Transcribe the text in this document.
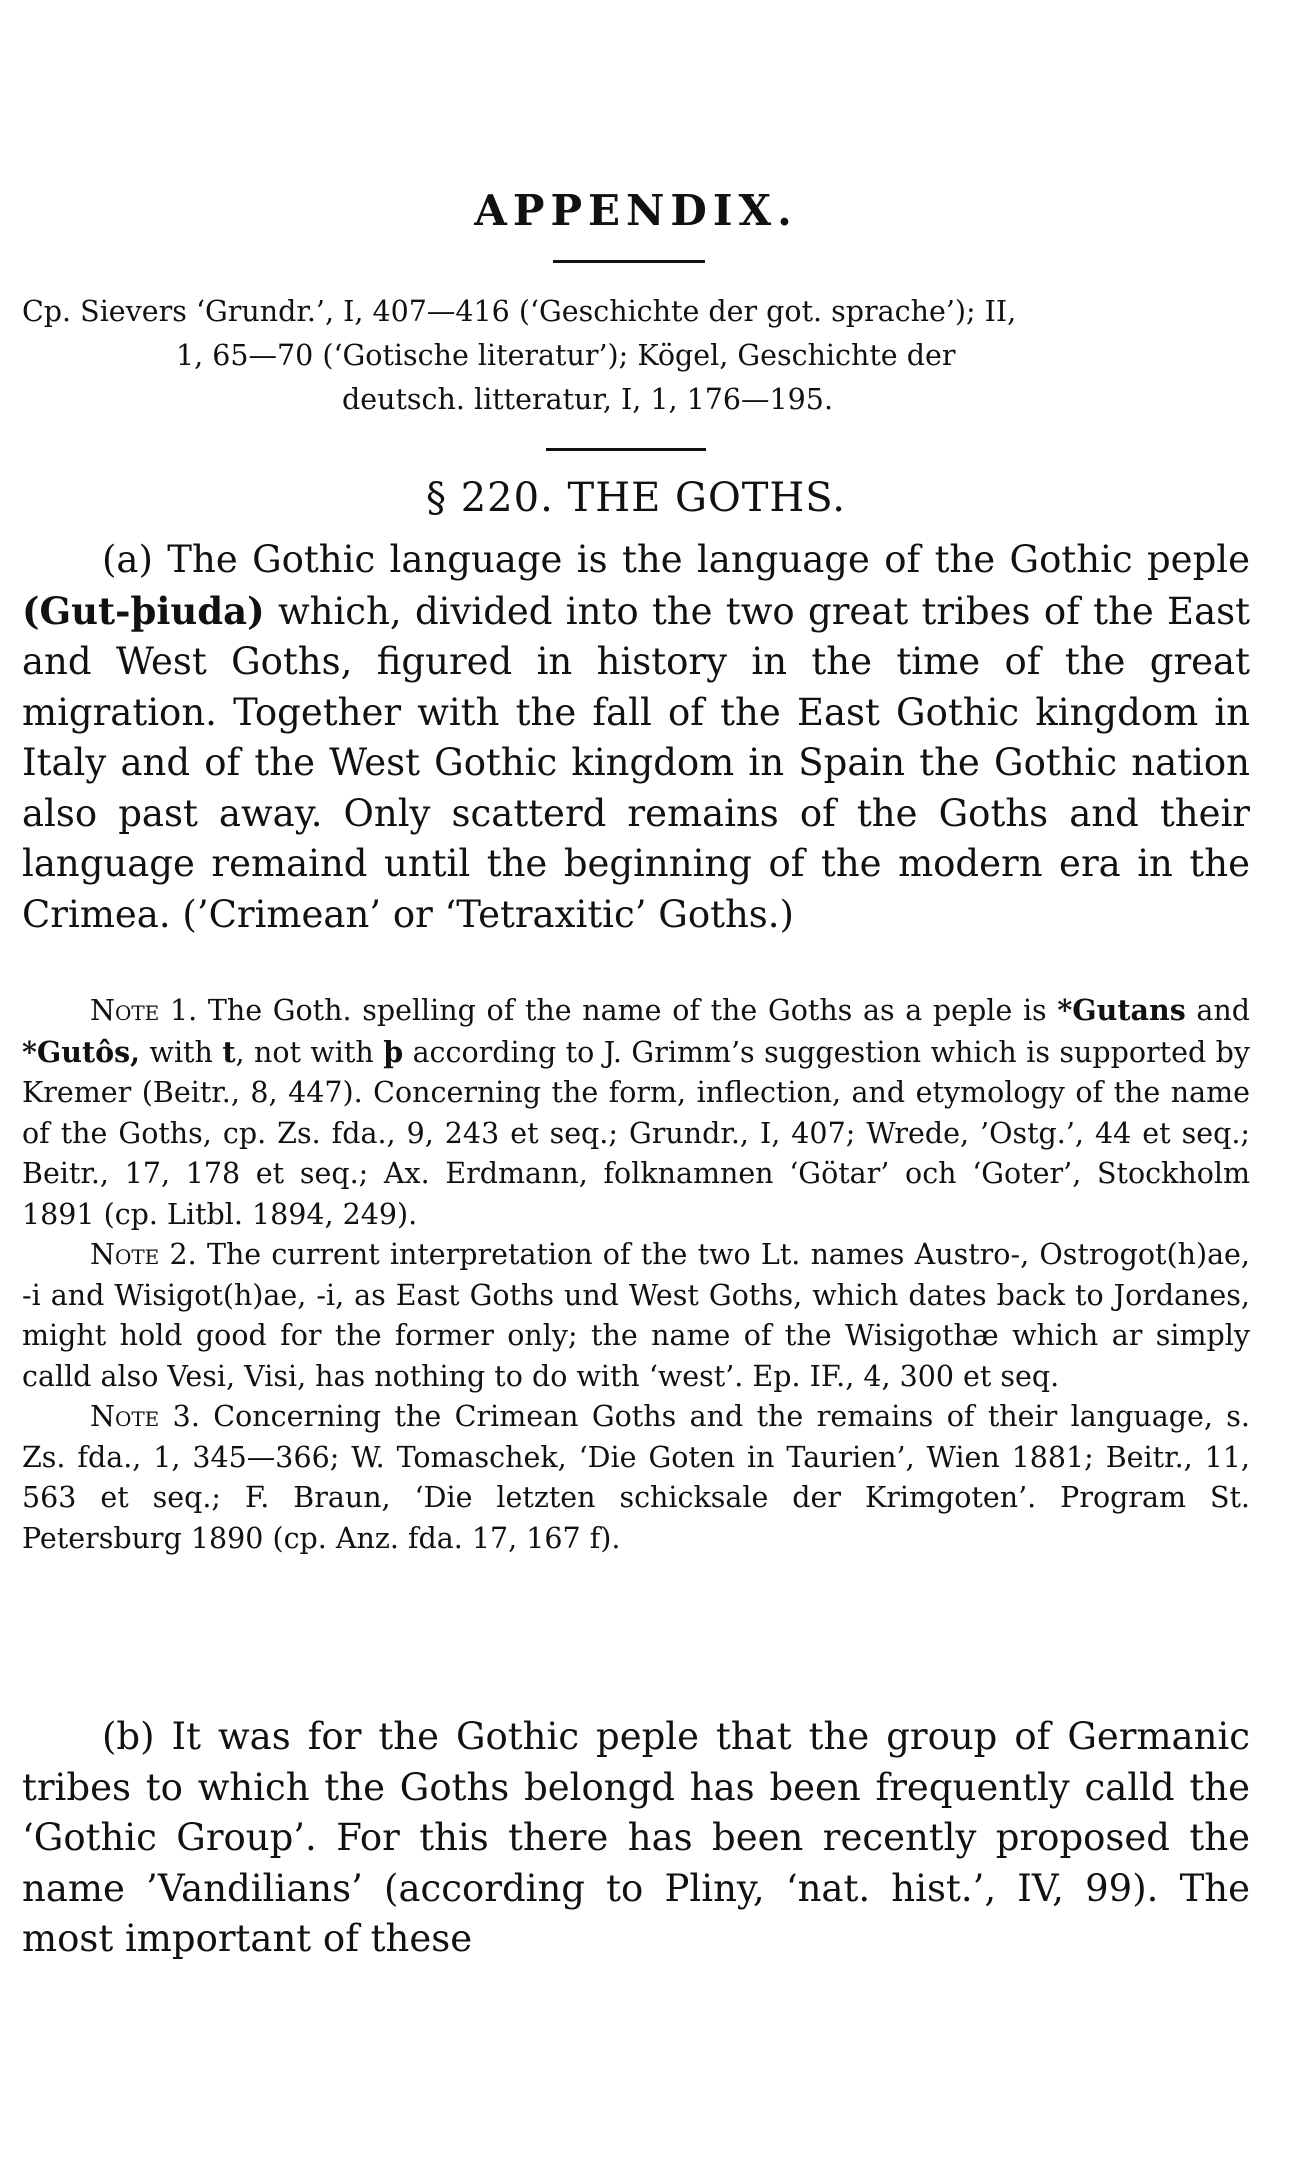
APPENDIX.
Cp. Sievers ‘Grundr.’, I, 407—416 (‘Geschichte der got. sprache’); II,
1, 65—70 (‘Gotische literatur’); Kögel, Geschichte der
deutsch. litteratur, I, 1, 176—195.
§ 220. THE GOTHS.

(a) The Gothic language is the language of the Gothic peple (Gut-þiuda) which, divided into the two great tribes of the East and West Goths, figured in history in the time of the great migration. Together with the fall of the East Gothic kingdom in Italy and of the West Gothic kingdom in Spain the Gothic nation also past away. Only scatterd remains of the Goths and their language remaind until the beginning of the modern era in the Crimea. (’Crimean’ or ‘Tetraxitic’ Goths.)

Note 1. The Goth. spelling of the name of the Goths as a peple is *Gutans and *Gutôs, with t, not with þ according to J. Grimm’s suggestion which is supported by Kremer (Beitr., 8, 447). Concerning the form, inflection, and etymology of the name of the Goths, cp. Zs. fda., 9, 243 et seq.; Grundr., I, 407; Wrede, ’Ostg.’, 44 et seq.; Beitr., 17, 178 et seq.; Ax. Erdmann, folknamnen ‘Götar’ och ‘Goter’, Stockholm 1891 (cp. Litbl. 1894, 249).

Note 2. The current interpretation of the two Lt. names Austro-, Ostrogot(h)ae, -i and Wisigot(h)ae, -i, as East Goths und West Goths, which dates back to Jordanes, might hold good for the former only; the name of the Wisigothæ which ar simply calld also Vesi, Visi, has nothing to do with ‘west’. Ep. IF., 4, 300 et seq.

Note 3. Concerning the Crimean Goths and the remains of their language, s. Zs. fda., 1, 345—366; W. Tomaschek, ‘Die Goten in Taurien’, Wien 1881; Beitr., 11, 563 et seq.; F. Braun, ‘Die letzten schicksale der Krimgoten’. Program St. Petersburg 1890 (cp. Anz. fda. 17, 167 f).

(b) It was for the Gothic peple that the group of Germanic tribes to which the Goths belongd has been frequently calld the ‘Gothic Group’. For this there has been recently proposed the name ’Vandilians’ (according to Pliny, ‘nat. hist.’, IV, 99). The most important of these
